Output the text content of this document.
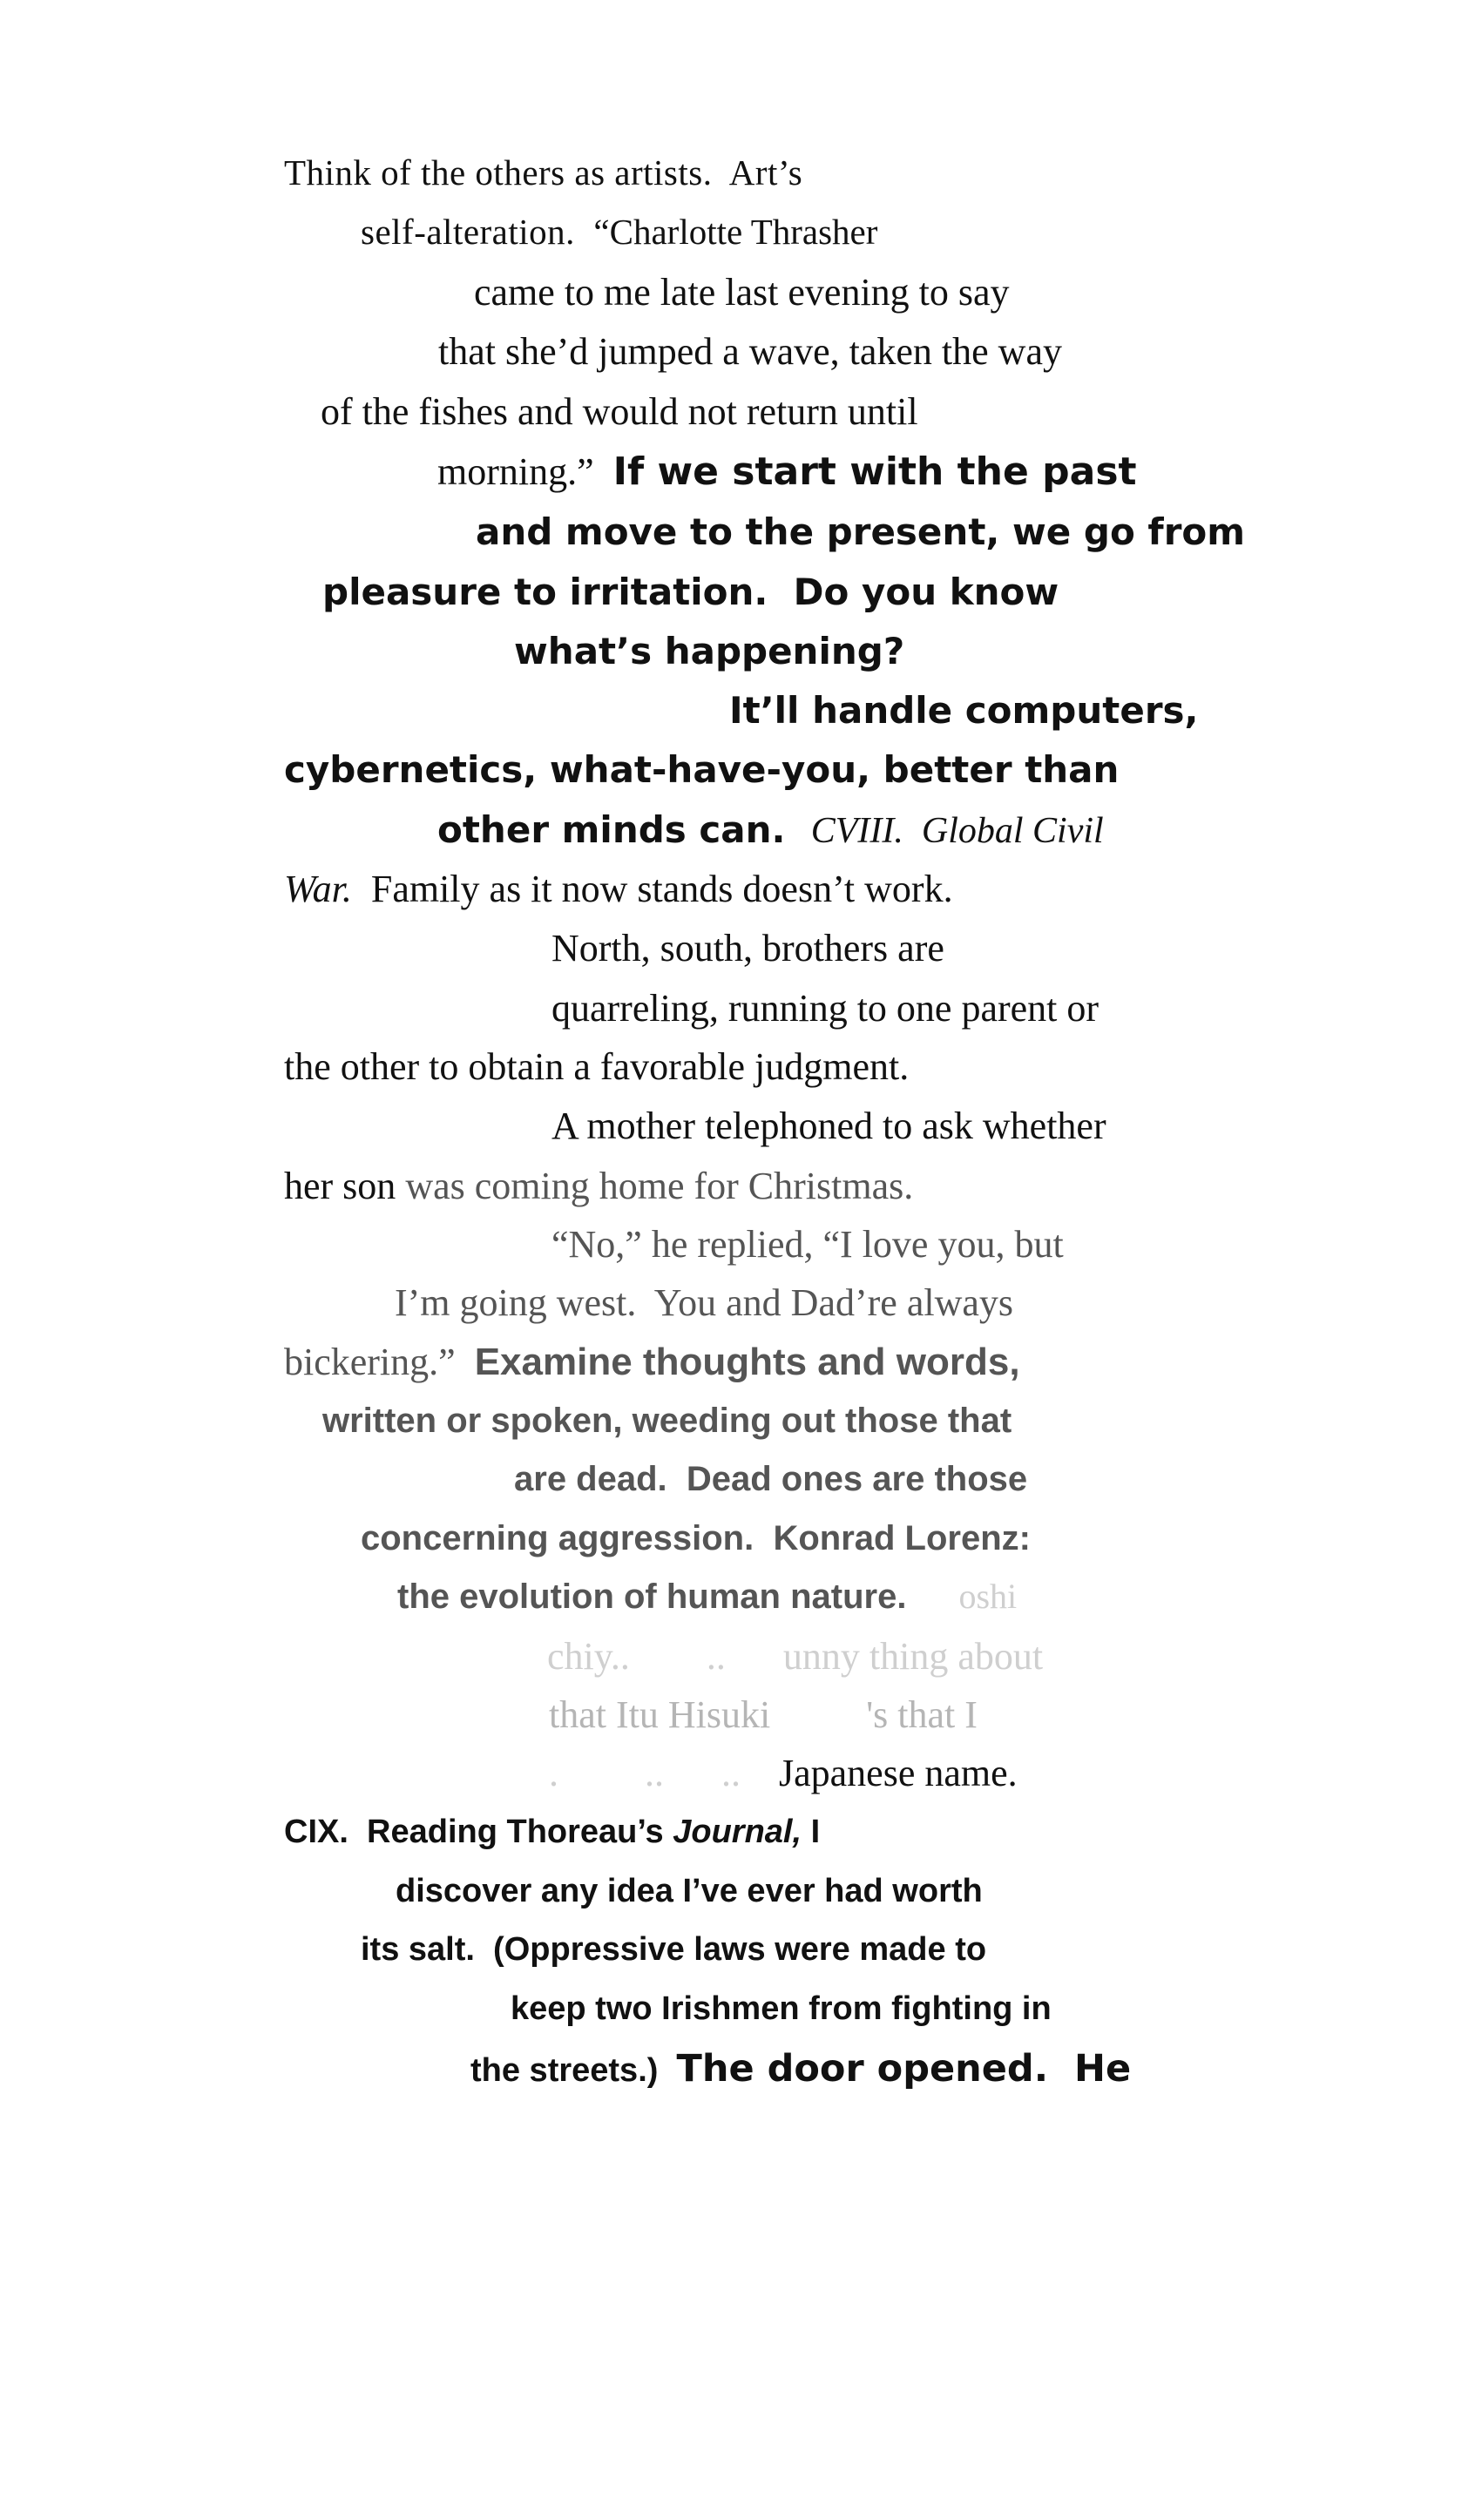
Think of the others as artists.  Art’s
self-alteration.  “Charlotte Thrasher
came to me late last evening to say
that she’d jumped a wave, taken the way
of the fishes and would not return until
morning.”  If we start with the past
and move to the present, we go from
pleasure to irritation.  Do you know
what’s happening?
It’ll handle computers,
cybernetics, what-have-you, better than
other minds can.  CVIII.  Global Civil
War.  Family as it now stands doesn’t work.
North, south, brothers are
quarreling, running to one parent or
the other to obtain a favorable judgment.
A mother telephoned to ask whether
her son was coming home for Christmas.
“No,” he replied, “I love you, but
I’m going west.  You and Dad’re always
bickering.”  Examine thoughts and words,
written or spoken, weeding out those that
are dead.  Dead ones are those
concerning aggression.  Konrad Lorenz:
the evolution of human nature.      oshi
chiy..        ..      unny thing about
that Itu Hisuki          's that I
.         ..      ..    Japanese name.
CIX.  Reading Thoreau’s Journal, I
discover any idea I’ve ever had worth
its salt.  (Oppressive laws were made to
keep two Irishmen from fighting in
the streets.)  The door opened.  He
